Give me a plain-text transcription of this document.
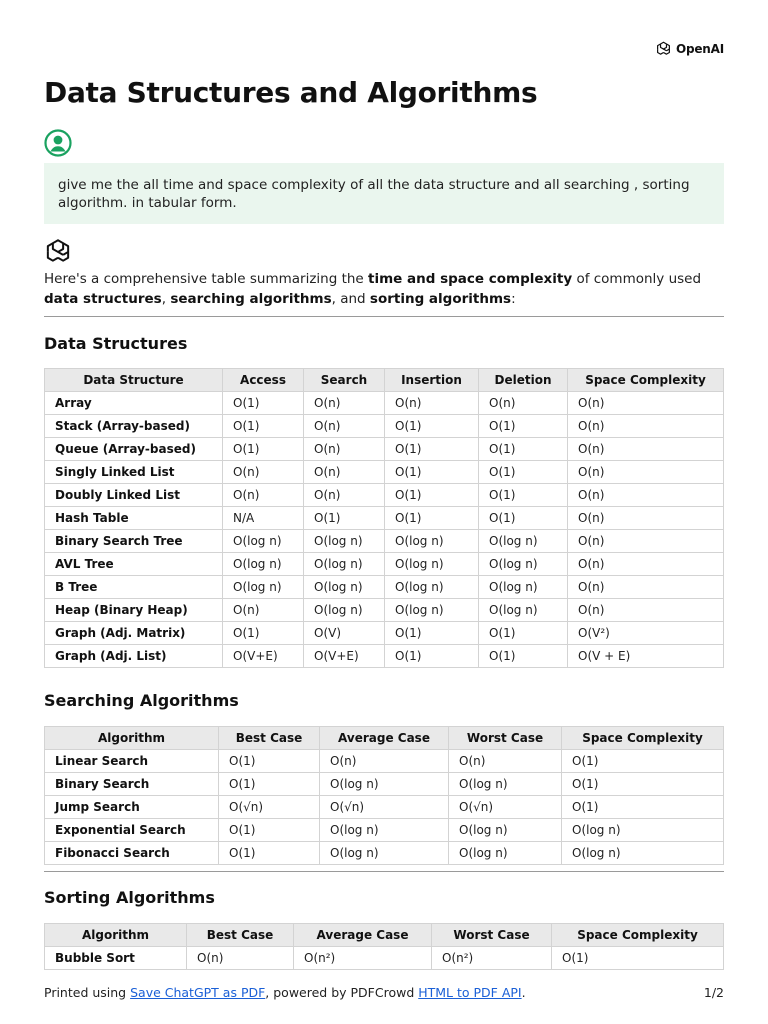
OpenAI
Data Structures and Algorithms
give me the all time and space complexity of all the data structure and all searching , sorting algorithm. in tabular form.

Here's a comprehensive table summarizing the time and space complexity of commonly used data structures, searching algorithms, and sorting algorithms:

Data Structures
Data Structure	Access	Search	Insertion	Deletion	Space Complexity
Array	O(1)	O(n)	O(n)	O(n)	O(n)
Stack (Array-based)	O(1)	O(n)	O(1)	O(1)	O(n)
Queue (Array-based)	O(1)	O(n)	O(1)	O(1)	O(n)
Singly Linked List	O(n)	O(n)	O(1)	O(1)	O(n)
Doubly Linked List	O(n)	O(n)	O(1)	O(1)	O(n)
Hash Table	N/A	O(1)	O(1)	O(1)	O(n)
Binary Search Tree	O(log n)	O(log n)	O(log n)	O(log n)	O(n)
AVL Tree	O(log n)	O(log n)	O(log n)	O(log n)	O(n)
B Tree	O(log n)	O(log n)	O(log n)	O(log n)	O(n)
Heap (Binary Heap)	O(n)	O(log n)	O(log n)	O(log n)	O(n)
Graph (Adj. Matrix)	O(1)	O(V)	O(1)	O(1)	O(V²)
Graph (Adj. List)	O(V+E)	O(V+E)	O(1)	O(1)	O(V + E)
Searching Algorithms
Algorithm	Best Case	Average Case	Worst Case	Space Complexity
Linear Search	O(1)	O(n)	O(n)	O(1)
Binary Search	O(1)	O(log n)	O(log n)	O(1)
Jump Search	O(√n)	O(√n)	O(√n)	O(1)
Exponential Search	O(1)	O(log n)	O(log n)	O(log n)
Fibonacci Search	O(1)	O(log n)	O(log n)	O(log n)
Sorting Algorithms
Algorithm	Best Case	Average Case	Worst Case	Space Complexity
Bubble Sort	O(n)	O(n²)	O(n²)	O(1)
Printed using Save ChatGPT as PDF, powered by PDFCrowd HTML to PDF API.	1/2
